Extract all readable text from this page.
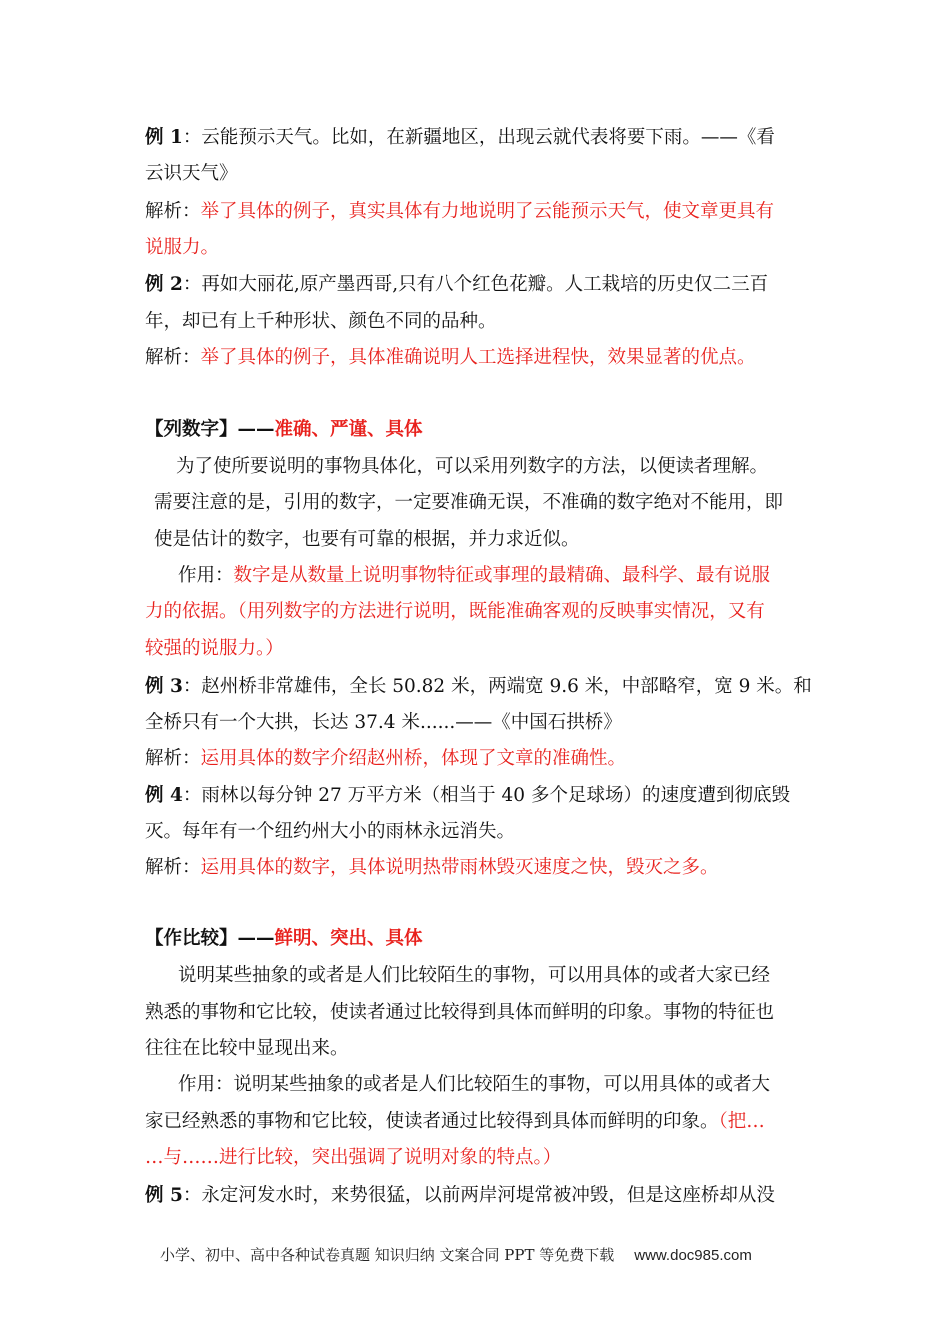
例 1：云能预示天气。比如，在新疆地区，出现云就代表将要下雨。——《看
云识天气》
解析：举了具体的例子，真实具体有力地说明了云能预示天气，使文章更具有
说服力。
例 2：再如大丽花,原产墨西哥,只有八个红色花瓣。人工栽培的历史仅二三百
年，却已有上千种形状、颜色不同的品种。
解析：举了具体的例子，具体准确说明人工选择进程快，效果显著的优点。
【列数字】——准确、严谨、具体
为了使所要说明的事物具体化，可以采用列数字的方法，以便读者理解。
需要注意的是，引用的数字，一定要准确无误，不准确的数字绝对不能用，即
使是估计的数字，也要有可靠的根据，并力求近似。
作用：数字是从数量上说明事物特征或事理的最精确、最科学、最有说服
力的依据。（用列数字的方法进行说明，既能准确客观的反映事实情况，又有
较强的说服力。）
例 3：赵州桥非常雄伟，全长 50.82 米，两端宽 9.6 米，中部略窄，宽 9 米。和
全桥只有一个大拱，长达 37.4 米......——《中国石拱桥》
解析：运用具体的数字介绍赵州桥，体现了文章的准确性。
例 4：雨林以每分钟 27 万平方米（相当于 40 多个足球场）的速度遭到彻底毁
灭。每年有一个纽约州大小的雨林永远消失。
解析：运用具体的数字，具体说明热带雨林毁灭速度之快，毁灭之多。
【作比较】——鲜明、突出、具体
说明某些抽象的或者是人们比较陌生的事物，可以用具体的或者大家已经
熟悉的事物和它比较，使读者通过比较得到具体而鲜明的印象。事物的特征也
往往在比较中显现出来。
作用：说明某些抽象的或者是人们比较陌生的事物，可以用具体的或者大
家已经熟悉的事物和它比较，使读者通过比较得到具体而鲜明的印象。（把…
…与……进行比较，突出强调了说明对象的特点。）
例 5：永定河发水时，来势很猛，以前两岸河堤常被冲毁，但是这座桥却从没
小学、初中、高中各种试卷真题 知识归纳 文案合同 PPT 等免费下载 www.doc985.com
